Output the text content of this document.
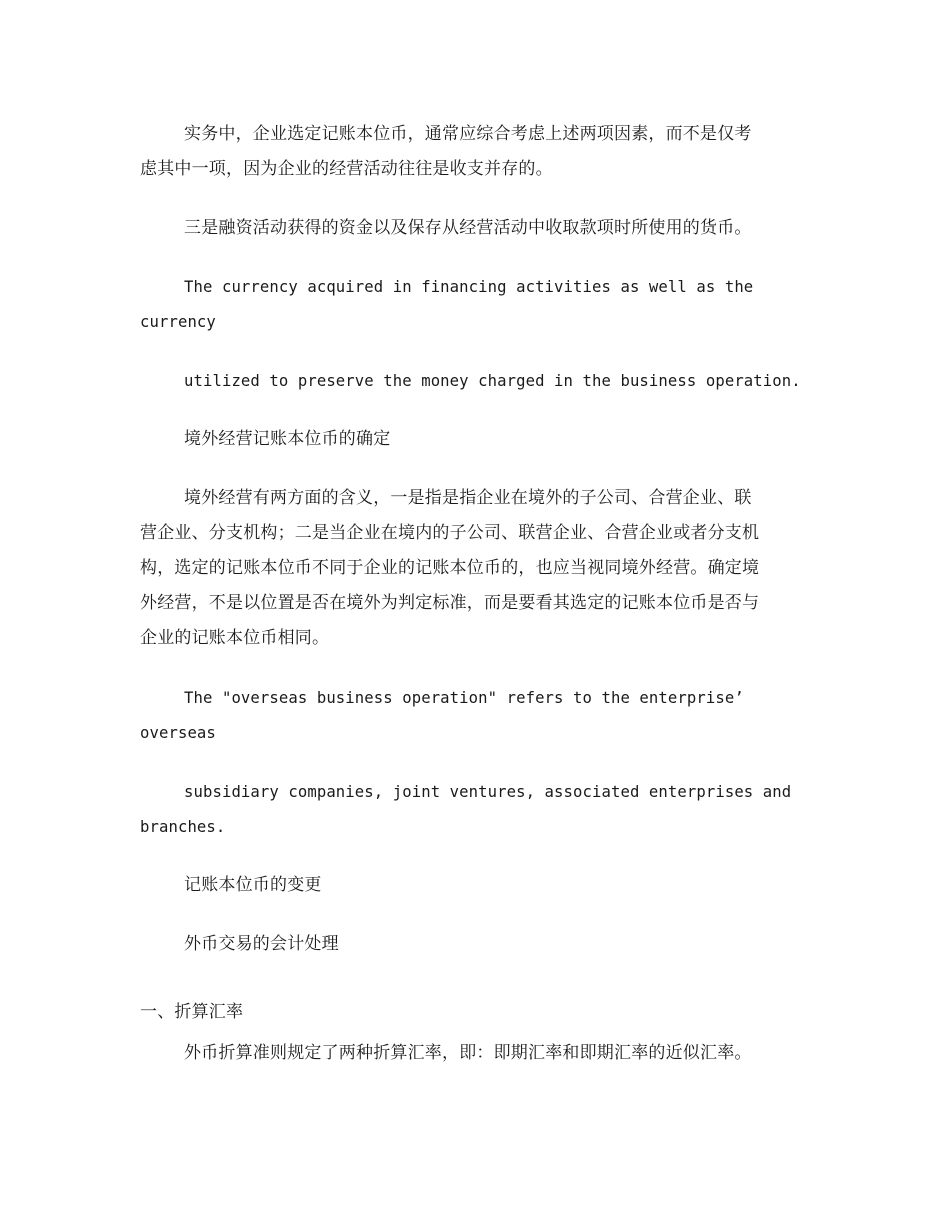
实务中，企业选定记账本位币，通常应综合考虑上述两项因素，而不是仅考
虑其中一项，因为企业的经营活动往往是收支并存的。
三是融资活动获得的资金以及保存从经营活动中收取款项时所使用的货币。
The currency acquired in financing activities as well as the
currency
utilized to preserve the money charged in the business operation.
境外经营记账本位币的确定
境外经营有两方面的含义，一是指是指企业在境外的子公司、合营企业、联
营企业、分支机构；二是当企业在境内的子公司、联营企业、合营企业或者分支机
构，选定的记账本位币不同于企业的记账本位币的，也应当视同境外经营。确定境
外经营，不是以位置是否在境外为判定标准，而是要看其选定的记账本位币是否与
企业的记账本位币相同。
The "overseas business operation" refers to the enterprise’
overseas
subsidiary companies, joint ventures, associated enterprises and
branches.
记账本位币的变更
外币交易的会计处理
一、折算汇率
外币折算准则规定了两种折算汇率，即：即期汇率和即期汇率的近似汇率。
